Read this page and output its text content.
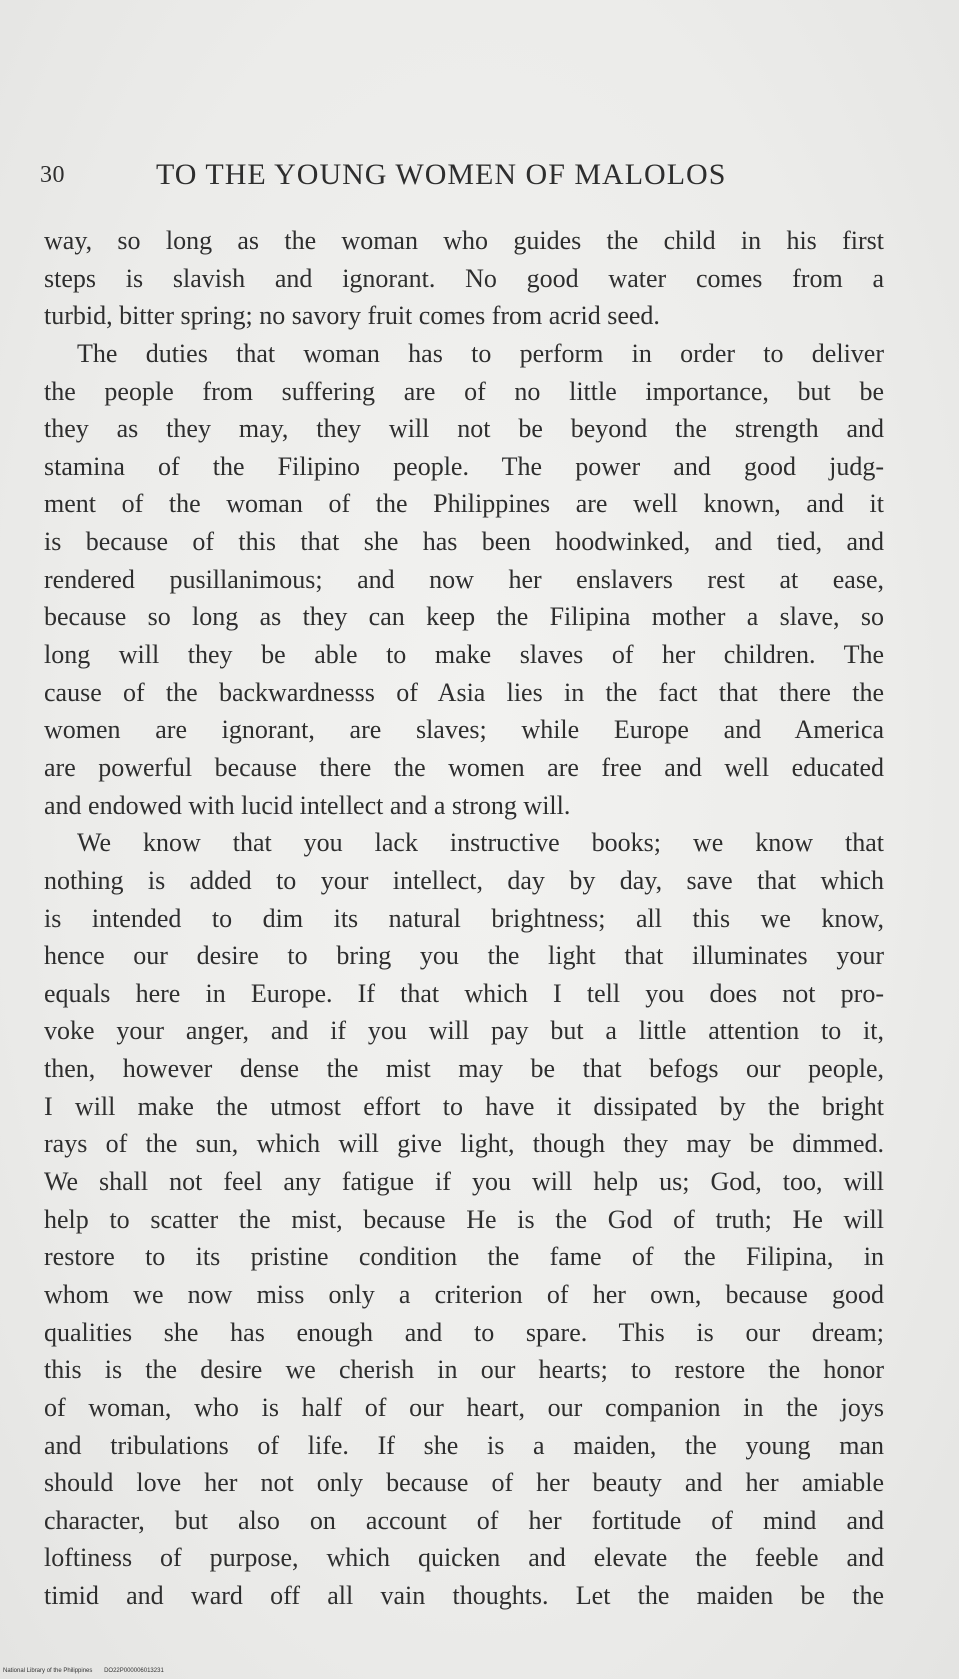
30	TO THE YOUNG WOMEN OF MALOLOS
way, so long as the woman who guides the child in his first
steps is slavish and ignorant. No good water comes from a
turbid, bitter spring; no savory fruit comes from acrid seed.
The duties that woman has to perform in order to deliver
the people from suffering are of no little importance, but be
they as they may, they will not be beyond the strength and
stamina of the Filipino people. The power and good judg-
ment of the woman of the Philippines are well known, and it
is because of this that she has been hoodwinked, and tied, and
rendered pusillanimous; and now her enslavers rest at ease,
because so long as they can keep the Filipina mother a slave, so
long will they be able to make slaves of her children. The
cause of the backwardnesss of Asia lies in the fact that there the
women are ignorant, are slaves; while Europe and America
are powerful because there the women are free and well educated
and endowed with lucid intellect and a strong will.
We know that you lack instructive books; we know that
nothing is added to your intellect, day by day, save that which
is intended to dim its natural brightness; all this we know,
hence our desire to bring you the light that illuminates your
equals here in Europe. If that which I tell you does not pro-
voke your anger, and if you will pay but a little attention to it,
then, however dense the mist may be that befogs our people,
I will make the utmost effort to have it dissipated by the bright
rays of the sun, which will give light, though they may be dimmed.
We shall not feel any fatigue if you will help us; God, too, will
help to scatter the mist, because He is the God of truth; He will
restore to its pristine condition the fame of the Filipina, in
whom we now miss only a criterion of her own, because good
qualities she has enough and to spare. This is our dream;
this is the desire we cherish in our hearts; to restore the honor
of woman, who is half of our heart, our companion in the joys
and tribulations of life. If she is a maiden, the young man
should love her not only because of her beauty and her amiable
character, but also on account of her fortitude of mind and
loftiness of purpose, which quicken and elevate the feeble and
timid and ward off all vain thoughts. Let the maiden be the
National Library of the Philippines DO22P000006013231
